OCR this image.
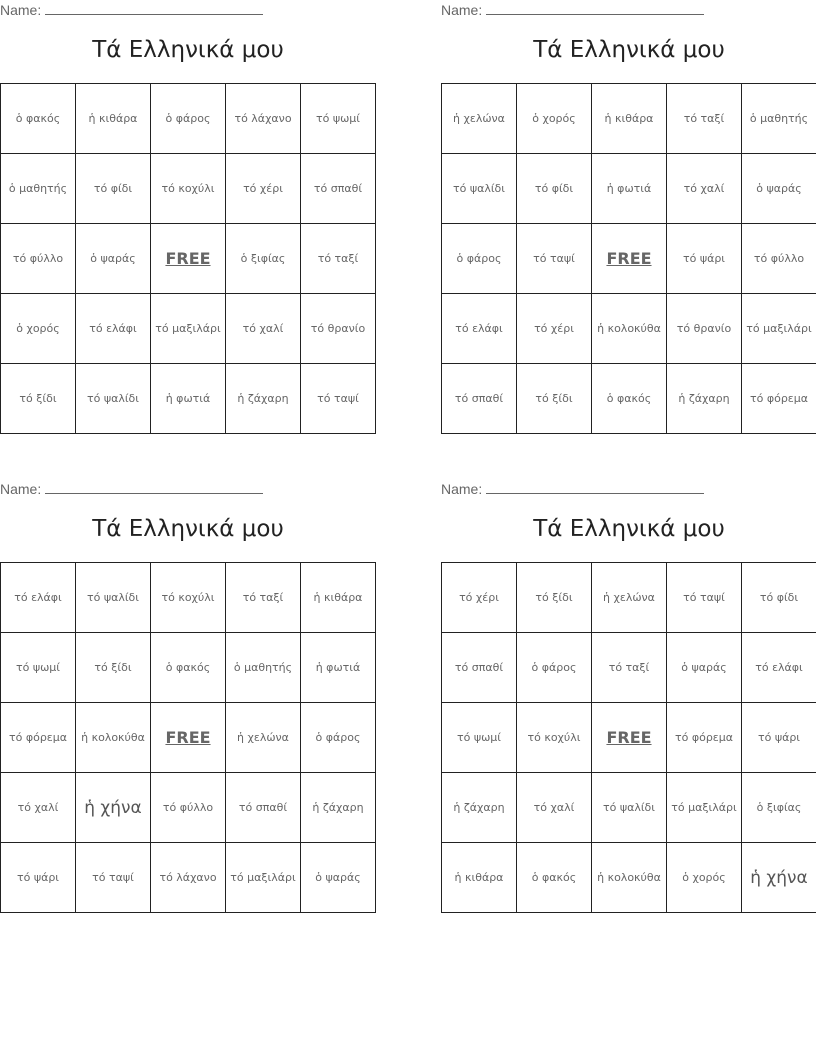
Name:
Τά Ελληνικά μου
ὁ φακός	ἡ κιθάρα	ὁ φάρος	τό λάχανο	τό ψωμί
ὁ μαθητής	τό φίδι	τό κοχύλι	τό χέρι	τό σπαθί
τό φύλλο	ὁ ψαράς	FREE	ὁ ξιφίας	τό ταξί
ὁ χορός	τό ελάφι	τό μαξιλάρι	τό χαλί	τό θρανίο
τό ξίδι	τό ψαλίδι	ἡ φωτιά	ἡ ζάχαρη	τό ταψί
Name:
Τά Ελληνικά μου
ἡ χελώνα	ὁ χορός	ἡ κιθάρα	τό ταξί	ὁ μαθητής
τό ψαλίδι	τό φίδι	ἡ φωτιά	τό χαλί	ὁ ψαράς
ὁ φάρος	τό ταψί	FREE	τό ψάρι	τό φύλλο
τό ελάφι	τό χέρι	ἡ κολοκύθα	τό θρανίο	τό μαξιλάρι
τό σπαθί	τό ξίδι	ὁ φακός	ἡ ζάχαρη	τό φόρεμα
Name:
Τά Ελληνικά μου
τό ελάφι	τό ψαλίδι	τό κοχύλι	τό ταξί	ἡ κιθάρα
τό ψωμί	τό ξίδι	ὁ φακός	ὁ μαθητής	ἡ φωτιά
τό φόρεμα	ἡ κολοκύθα	FREE	ἡ χελώνα	ὁ φάρος
τό χαλί	ἡ χήνα	τό φύλλο	τό σπαθί	ἡ ζάχαρη
τό ψάρι	τό ταψί	τό λάχανο	τό μαξιλάρι	ὁ ψαράς
Name:
Τά Ελληνικά μου
τό χέρι	τό ξίδι	ἡ χελώνα	τό ταψί	τό φίδι
τό σπαθί	ὁ φάρος	τό ταξί	ὁ ψαράς	τό ελάφι
τό ψωμί	τό κοχύλι	FREE	τό φόρεμα	τό ψάρι
ἡ ζάχαρη	τό χαλί	τό ψαλίδι	τό μαξιλάρι	ὁ ξιφίας
ἡ κιθάρα	ὁ φακός	ἡ κολοκύθα	ὁ χορός	ἡ χήνα
